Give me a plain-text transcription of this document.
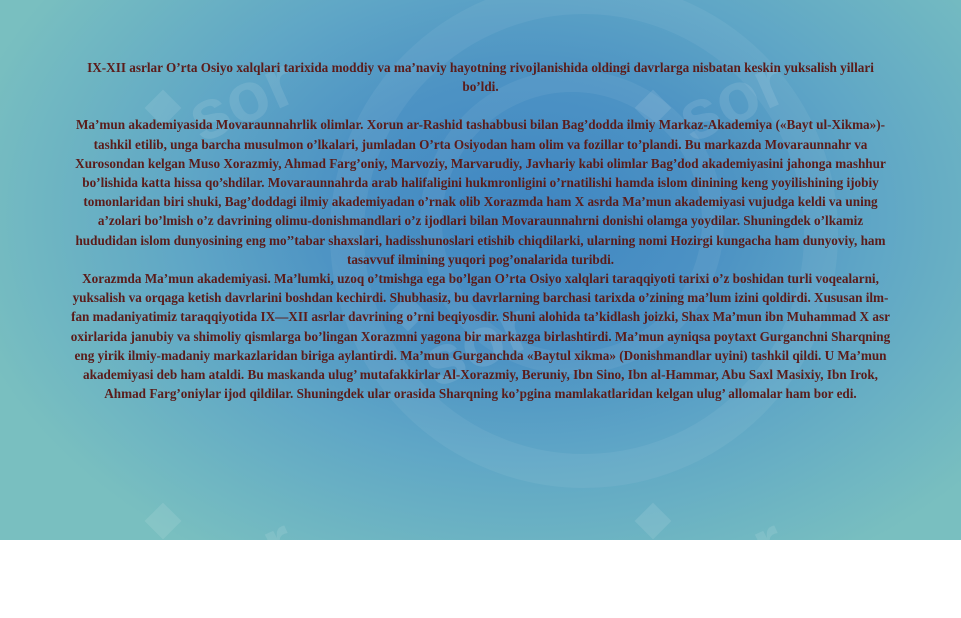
sor	sor
sor	sor
sor

IX-XII asrlar O’rta Osiyo xalqlari tarixida moddiy va ma’naviy hayotning rivojlanishida oldingi davrlarga nisbatan keskin yuksalish yillari bo’ldi.

Ma’mun akademiyasida Movaraunnahrlik olimlar. Xorun ar-Rashid tashabbusi bilan Bag’dodda ilmiy Markaz-Akademiya («Bayt ul-Xikma»)-tashkil etilib, unga barcha musulmon o’lkalari, jumladan O’rta Osiyodan ham olim va fozillar to’plandi. Bu markazda Movaraunnahr va Xurosondan kelgan Muso Xorazmiy, Ahmad Farg’oniy, Marvoziy, Marvarudiy, Javhariy kabi olimlar Bag’dod akademiyasini jahonga mashhur bo’lishida katta hissa qo’shdilar. Movaraunnahrda arab halifaligini hukmronligini o’rnatilishi hamda islom dinining keng yoyilishining ijobiy tomonlaridan biri shuki, Bag’doddagi ilmiy akademiyadan o’rnak olib Xorazmda ham X asrda Ma’mun akademiyasi vujudga keldi va uning a’zolari bo’lmish o’z davrining olimu-donishmandlari o’z ijodlari bilan Movaraunnahrni donishi olamga yoydilar. Shuningdek o’lkamiz hududidan islom dunyosining eng mo’’tabar shaxslari, hadisshunoslari etishib chiqdilarki, ularning nomi Hozirgi kungacha ham dunyoviy, ham tasavvuf ilmining yuqori pog’onalarida turibdi.

Xorazmda Ma’mun akademiyasi. Ma’lumki, uzoq o’tmishga ega bo’lgan O’rta Osiyo xalqlari taraqqiyoti tarixi o’z boshidan turli voqealarni, yuksalish va orqaga ketish davrlarini boshdan kechirdi. Shubhasiz, bu davrlarning barchasi tarixda o’zining ma’lum izini qoldirdi. Xususan ilm-fan madaniyatimiz taraqqiyotida IX—XII asrlar davrining o’rni beqiyosdir. Shuni alohida ta’kidlash joizki, Shax Ma’mun ibn Muhammad X asr oxirlarida janubiy va shimoliy qismlarga bo’lingan Xorazmni yagona bir markazga birlashtirdi. Ma’mun ayniqsa poytaxt Gurganchni Sharqning eng yirik ilmiy-madaniy markazlaridan biriga aylantirdi. Ma’mun Gurganchda «Baytul xikma» (Donishmandlar uyini) tashkil qildi. U Ma’mun akademiyasi deb ham ataldi. Bu maskanda ulug’ mutafakkirlar Al-Xorazmiy, Beruniy, Ibn Sino, Ibn al-Hammar, Abu Saxl Masixiy, Ibn Irok, Ahmad Farg’oniylar ijod qildilar. Shuningdek ular orasida Sharqning ko’pgina mamlakatlaridan kelgan ulug’ allomalar ham bor edi.
